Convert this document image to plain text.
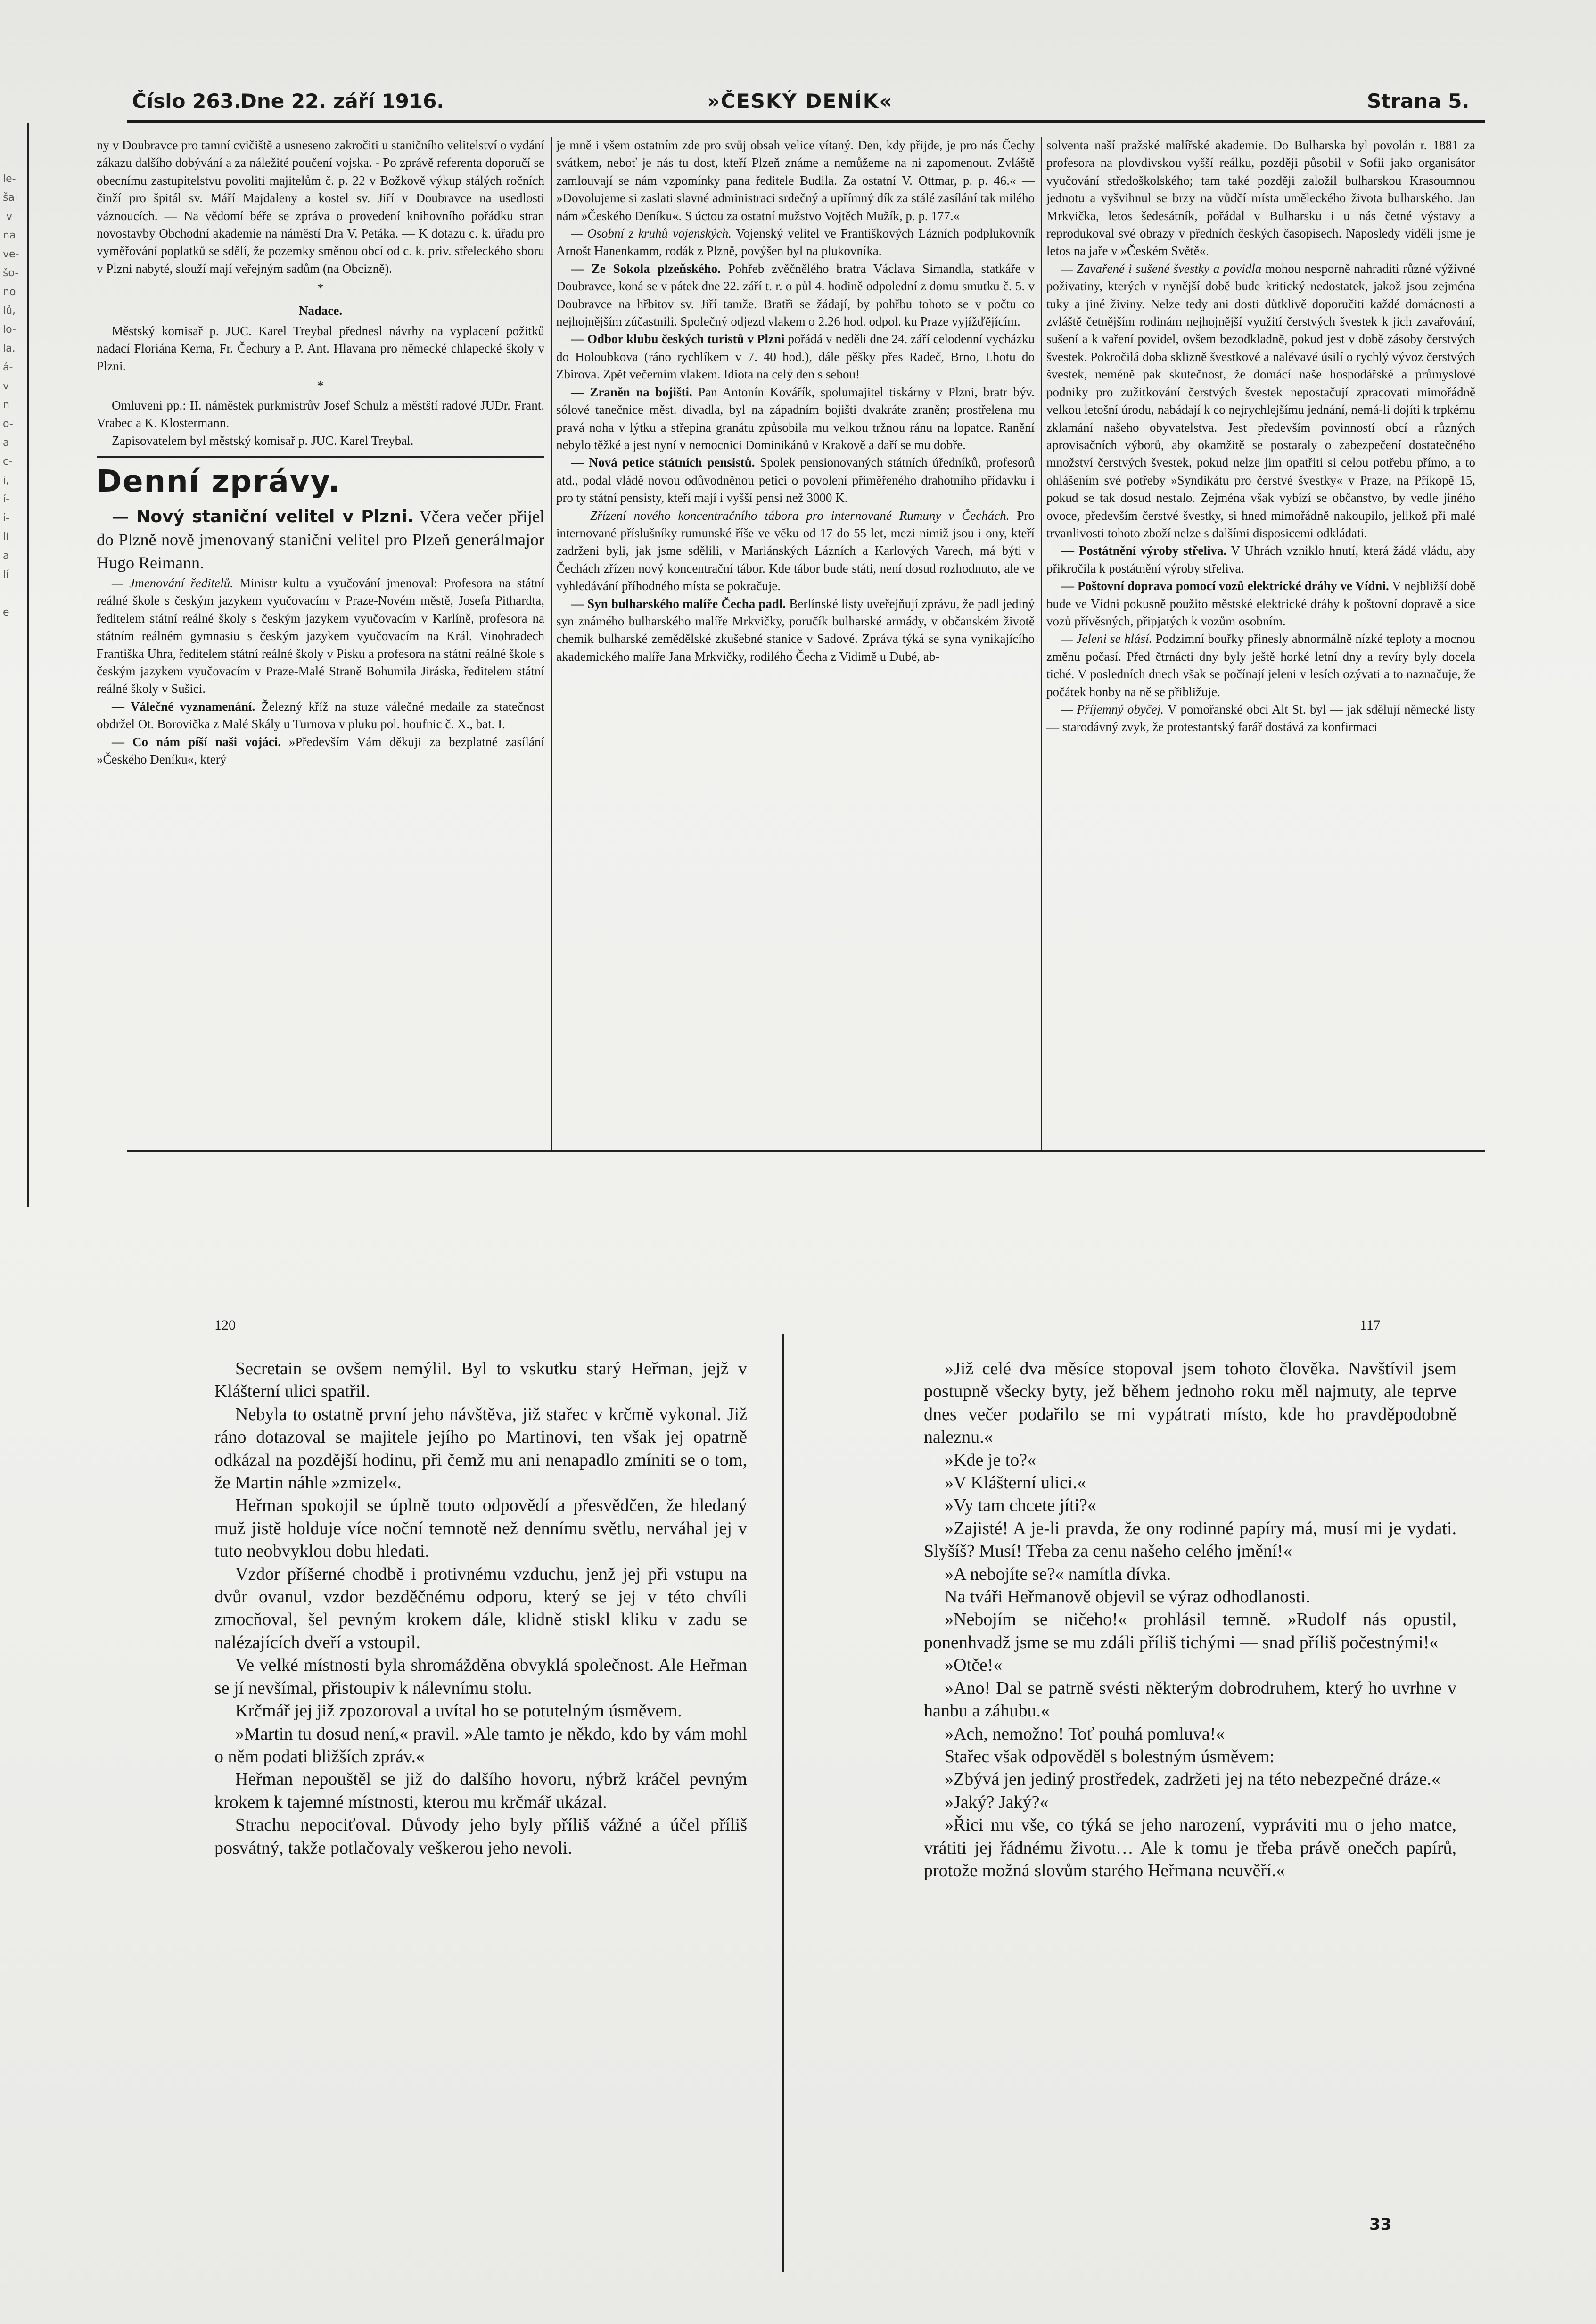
le-
šai
v
na
ve-
šo-
no
lů,
lo-
la.
á-
v
n
o-
a-
c-
i,
í-
i-
lí
a
lí

e
Číslo 263.
Dne 22. září 1916.	»ČESKÝ DENÍK«	Strana 5.

ny v Doubravce pro tamní cvičiště a usneseno zakročiti u staničního velitelství o vydání zákazu dalšího dobývání a za náležité poučení vojska. - Po zprávě referenta doporučí se obecnímu zastupitelstvu povoliti majitelům č. p. 22 v Božkově výkup stálých ročních činží pro špitál sv. Máří Majdaleny a kostel sv. Jiří v Doubravce na usedlosti váznoucích. — Na vědomí béře se zpráva o provedení knihovního pořádku stran novostavby Obchodní akademie na náměstí Dra V. Petáka. — K dotazu c. k. úřadu pro vyměřování poplatků se sdělí, že pozemky směnou obcí od c. k. priv. střeleckého sboru v Plzni nabyté, slouží mají veřejným sadům (na Obcizně).

*

Nadace.

Městský komisař p. JUC. Karel Treybal přednesl návrhy na vyplacení požitků nadací Floriána Kerna, Fr. Čechury a P. Ant. Hlavana pro německé chlapecké školy v Plzni.

*

Omluveni pp.: II. náměstek purkmistrův Josef Schulz a městští radové JUDr. Frant. Vrabec a K. Klostermann.

Zapisovatelem byl městský komisař p. JUC. Karel Treybal.

Denní zprávy.

— Nový staniční velitel v Plzni. Včera večer přijel do Plzně nově jmenovaný staniční velitel pro Plzeň generálmajor Hugo Reimann.

— Jmenování ředitelů. Ministr kultu a vyučování jmenoval: Profesora na státní reálné škole s českým jazykem vyučovacím v Praze-Novém městě, Josefa Pithardta, ředitelem státní reálné školy s českým jazykem vyučovacím v Karlíně, profesora na státním reálném gymnasiu s českým jazykem vyučovacím na Král. Vinohradech Františka Uhra, ředitelem státní reálné školy v Písku a profesora na státní reálné škole s českým jazykem vyučovacím v Praze-Malé Straně Bohumila Jiráska, ředitelem státní reálné školy v Sušici.

— Válečné vyznamenání. Železný kříž na stuze válečné medaile za statečnost obdržel Ot. Borovička z Malé Skály u Turnova v pluku pol. houfnic č. X., bat. I.

— Co nám píší naši vojáci. »Především Vám děkuji za bezplatné zasílání »Českého Deníku«, který

je mně i všem ostatním zde pro svůj obsah velice vítaný. Den, kdy přijde, je pro nás Čechy svátkem, neboť je nás tu dost, kteří Plzeň známe a nemůžeme na ni zapomenout. Zvláště zamlouvají se nám vzpomínky pana ředitele Budila. Za ostatní V. Ottmar, p. p. 46.« — »Dovolujeme si zaslati slavné administraci srdečný a upřímný dík za stálé zasílání tak milého nám »Českého Deníku«. S úctou za ostatní mužstvo Vojtěch Mužík, p. p. 177.«

— Osobní z kruhů vojenských. Vojenský velitel ve Františkových Lázních podplukovník Arnošt Hanenkamm, rodák z Plzně, povýšen byl na plukovníka.

— Ze Sokola plzeňského. Pohřeb zvěčnělého bratra Václava Simandla, statkáře v Doubravce, koná se v pátek dne 22. září t. r. o půl 4. hodině odpolední z domu smutku č. 5. v Doubravce na hřbitov sv. Jiří tamže. Bratři se žádají, by pohřbu tohoto se v počtu co nejhojnějším zúčastnili. Společný odjezd vlakem o 2.26 hod. odpol. ku Praze vyjížďějícím.

— Odbor klubu českých turistů v Plzni pořádá v neděli dne 24. září celodenní vycházku do Holoubkova (ráno rychlíkem v 7. 40 hod.), dále pěšky přes Radeč, Brno, Lhotu do Zbirova. Zpět večerním vlakem. Idiota na celý den s sebou!

— Zraněn na bojišti. Pan Antonín Kovářík, spolumajitel tiskárny v Plzni, bratr býv. sólové tanečnice měst. divadla, byl na západním bojišti dvakráte zraněn; prostřelena mu pravá noha v lýtku a střepina granátu způsobila mu velkou tržnou ránu na lopatce. Ranění nebylo těžké a jest nyní v nemocnici Dominikánů v Krakově a daří se mu dobře.

— Nová petice státních pensistů. Spolek pensionovaných státních úředníků, profesorů atd., podal vládě novou odůvodněnou petici o povolení přiměřeného drahotního přídavku i pro ty státní pensisty, kteří mají i vyšší pensi než 3000 K.

— Zřízení nového koncentračního tábora pro internované Rumuny v Čechách. Pro internované příslušníky rumunské říše ve věku od 17 do 55 let, mezi nimiž jsou i ony, kteří zadrženi byli, jak jsme sdělili, v Mariánských Lázních a Karlových Varech, má býti v Čechách zřízen nový koncentrační tábor. Kde tábor bude státi, není dosud rozhodnuto, ale ve vyhledávání příhodného místa se pokračuje.

— Syn bulharského malíře Čecha padl. Berlínské listy uveřejňují zprávu, že padl jediný syn známého bulharského malíře Mrkvičky, poručík bulharské armády, v občanském životě chemik bulharské zemědělské zkušebné stanice v Sadové. Zpráva týká se syna vynikajícího akademického malíře Jana Mrkvičky, rodilého Čecha z Vidimě u Dubé, ab-

solventa naší pražské malířské akademie. Do Bulharska byl povolán r. 1881 za profesora na plovdivskou vyšší reálku, později působil v Sofii jako organisátor vyučování středoškolského; tam také později založil bulharskou Krasoumnou jednotu a vyšvihnul se brzy na vůdčí místa uměleckého života bulharského. Jan Mrkvička, letos šedesátník, pořádal v Bulharsku i u nás četné výstavy a reprodukoval své obrazy v předních českých časopisech. Naposledy viděli jsme je letos na jaře v »Českém Světě«.

— Zavařené i sušené švestky a povidla mohou nesporně nahraditi různé výživné poživatiny, kterých v nynější době bude kritický nedostatek, jakož jsou zejména tuky a jiné živiny. Nelze tedy ani dosti důtklivě doporučiti každé domácnosti a zvláště četnějším rodinám nejhojnější využití čerstvých švestek k jich zavařování, sušení a k vaření povidel, ovšem bezodkladně, pokud jest v době zásoby čerstvých švestek. Pokročilá doba sklizně švestkové a nalévavé úsilí o rychlý vývoz čerstvých švestek, neméně pak skutečnost, že domácí naše hospodářské a průmyslové podniky pro zužitkování čerstvých švestek nepostačují zpracovati mimořádně velkou letošní úrodu, nabádají k co nejrychlejšímu jednání, nemá-li dojíti k trpkému zklamání našeho obyvatelstva. Jest především povinností obcí a různých aprovisačních výborů, aby okamžitě se postaraly o zabezpečení dostatečného množství čerstvých švestek, pokud nelze jim opatřiti si celou potřebu přímo, a to ohlášením své potřeby »Syndikátu pro čerstvé švestky« v Praze, na Příkopě 15, pokud se tak dosud nestalo. Zejména však vybízí se občanstvo, by vedle jiného ovoce, především čerstvé švestky, si hned mimořádně nakoupilo, jelikož při malé trvanlivosti tohoto zboží nelze s dalšími disposicemi odkládati.

— Postátnění výroby střeliva. V Uhrách vzniklo hnutí, která žádá vládu, aby přikročila k postátnění výroby střeliva.

— Poštovní doprava pomocí vozů elektrické dráhy ve Vídni. V nejbližší době bude ve Vídni pokusně použito městské elektrické dráhy k poštovní dopravě a sice vozů přívěsných, připjatých k vozům osobním.

— Jeleni se hlásí. Podzimní bouřky přinesly abnormálně nízké teploty a mocnou změnu počasí. Před čtrnácti dny byly ještě horké letní dny a revíry byly docela tiché. V posledních dnech však se počínají jeleni v lesích ozývati a to naznačuje, že počátek honby na ně se přibližuje.

— Příjemný obyčej. V pomořanské obci Alt St. byl — jak sdělují německé listy — starodávný zvyk, že protestantský farář dostává za konfirmaci

120	117

Secretain se ovšem nemýlil. Byl to vskutku starý Heřman, jejž v Klášterní ulici spatřil.

Nebyla to ostatně první jeho návštěva, již stařec v krčmě vykonal. Již ráno dotazoval se majitele jejího po Martinovi, ten však jej opatrně odkázal na pozdější hodinu, při čemž mu ani nenapadlo zmíniti se o tom, že Martin náhle »zmizel«.

Heřman spokojil se úplně touto odpovědí a přesvědčen, že hledaný muž jistě holduje více noční temnotě než dennímu světlu, nerváhal jej v tuto neobvyklou dobu hledati.

Vzdor příšerné chodbě i protivnému vzduchu, jenž jej při vstupu na dvůr ovanul, vzdor bezděčnému odporu, který se jej v této chvíli zmocňoval, šel pevným krokem dále, klidně stiskl kliku v zadu se nalézajících dveří a vstoupil.

Ve velké místnosti byla shromážděna obvyklá společnost. Ale Heřman se jí nevšímal, přistoupiv k nálevnímu stolu.

Krčmář jej již zpozoroval a uvítal ho se potutelným úsměvem.

»Martin tu dosud není,« pravil. »Ale tamto je někdo, kdo by vám mohl o něm podati bližších zpráv.«

Heřman nepouštěl se již do dalšího hovoru, nýbrž kráčel pevným krokem k tajemné místnosti, kterou mu krčmář ukázal.

Strachu nepociťoval. Důvody jeho byly příliš vážné a účel příliš posvátný, takže potlačovaly veškerou jeho nevoli.

»Již celé dva měsíce stopoval jsem tohoto člověka. Navštívil jsem postupně všecky byty, jež během jednoho roku měl najmuty, ale teprve dnes večer podařilo se mi vypátrati místo, kde ho pravděpodobně naleznu.«

»Kde je to?«

»V Klášterní ulici.«

»Vy tam chcete jíti?«

»Zajisté! A je-li pravda, že ony rodinné papíry má, musí mi je vydati. Slyšíš? Musí! Třeba za cenu našeho celého jmění!«

»A nebojíte se?« namítla dívka.

Na tváři Heřmanově objevil se výraz odhodlanosti.

»Nebojím se ničeho!« prohlásil temně. »Rudolf nás opustil, ponenhvadž jsme se mu zdáli příliš tichými — snad příliš počestnými!«

»Otče!«

»Ano! Dal se patrně svésti některým dobrodruhem, který ho uvrhne v hanbu a záhubu.«

»Ach, nemožno! Toť pouhá pomluva!«

Stařec však odpověděl s bolestným úsměvem:

»Zbývá jen jediný prostředek, zadržeti jej na této nebezpečné dráze.«

»Jaký? Jaký?«

»Řici mu vše, co týká se jeho narození, vypráviti mu o jeho matce, vrátiti jej řádnému životu… Ale k tomu je třeba právě onečch papírů, protože možná slovům starého Heřmana neuvěří.«

33
